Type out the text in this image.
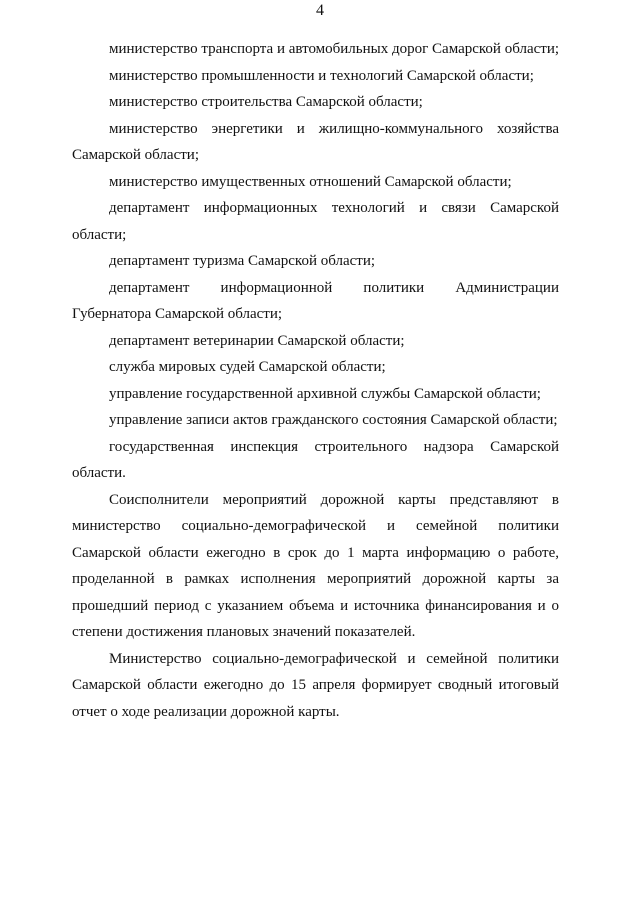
4

министерство транспорта и автомобильных дорог Самарской области;

министерство промышленности и технологий Самарской области;

министерство строительства Самарской области;

министерство энергетики и жилищно-коммунального хозяйства Самарской области;

министерство имущественных отношений Самарской области;

департамент информационных технологий и связи Самарской области;

департамент туризма Самарской области;

департамент информационной политики Администрации Губернатора Самарской области;

департамент ветеринарии Самарской области;

служба мировых судей Самарской области;

управление государственной архивной службы Самарской области;

управление записи актов гражданского состояния Самарской области;

государственная инспекция строительного надзора Самарской области.

Соисполнители мероприятий дорожной карты представляют в министерство социально-демографической и семейной политики Самарской области ежегодно в срок до 1 марта информацию о работе, проделанной в рамках исполнения мероприятий дорожной карты за прошедший период с указанием объема и источника финансирования и о степени достижения плановых значений показателей.

Министерство социально-демографической и семейной политики Самарской области ежегодно до 15 апреля формирует сводный итоговый отчет о ходе реализации дорожной карты.
